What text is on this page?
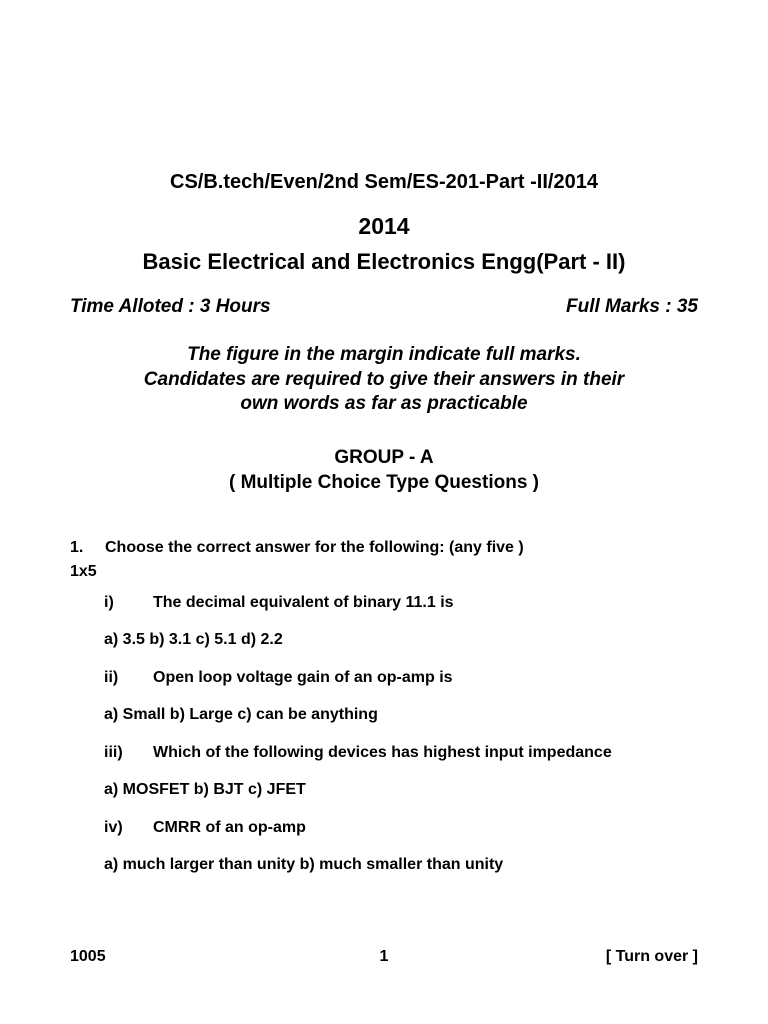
CS/B.tech/Even/2nd Sem/ES-201-Part -II/2014
2014
Basic Electrical and Electronics Engg(Part - II)
Time Alloted : 3 Hours	Full Marks : 35
The figure in the margin indicate full marks.
Candidates are required to give their answers in their
own words as far as practicable
GROUP - A
( Multiple Choice Type Questions )
1. Choose the correct answer for the following: (any five )
1x5
i) The decimal equivalent of binary 11.1 is
a) 3.5 b) 3.1 c) 5.1 d) 2.2
ii) Open loop voltage gain of an op-amp is
a) Small b) Large c) can be anything
iii) Which of the following devices has highest input impedance
a) MOSFET b) BJT c) JFET
iv) CMRR of an op-amp
a) much larger than unity b) much smaller than unity
1005	1	[ Turn over ]
